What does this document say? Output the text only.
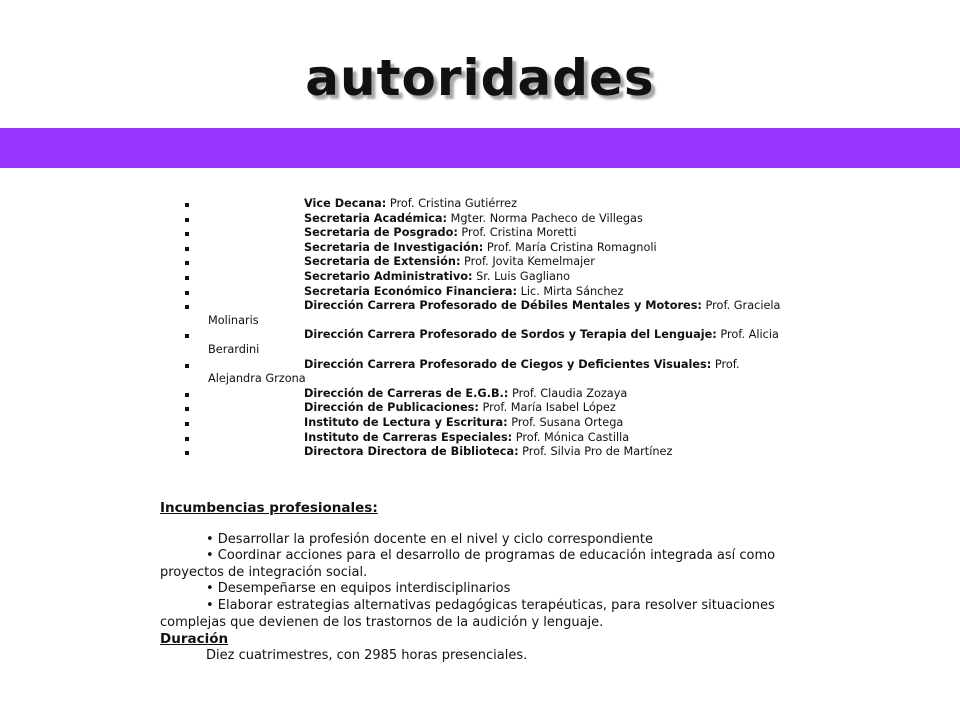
autoridades
Vice Decana: Prof. Cristina Gutiérrez
Secretaria Académica: Mgter. Norma Pacheco de Villegas
Secretaria de Posgrado: Prof. Cristina Moretti
Secretaria de Investigación: Prof. María Cristina Romagnoli
Secretaria de Extensión: Prof. Jovita Kemelmajer
Secretario Administrativo: Sr. Luis Gagliano
Secretaria Económico Financiera: Lic. Mirta Sánchez
Dirección Carrera Profesorado de Débiles Mentales y Motores: Prof. Graciela Molinaris
Dirección Carrera Profesorado de Sordos y Terapia del Lenguaje: Prof. Alicia Berardini
Dirección Carrera Profesorado de Ciegos y Deficientes Visuales: Prof. Alejandra Grzona
Dirección de Carreras de E.G.B.: Prof. Claudia Zozaya
Dirección de Publicaciones: Prof. María Isabel López
Instituto de Lectura y Escritura: Prof. Susana Ortega
Instituto de Carreras Especiales: Prof. Mónica Castilla
Directora Directora de Biblioteca: Prof. Silvia Pro de Martínez
Incumbencias profesionales:
• Desarrollar la profesión docente en el nivel y ciclo correspondiente
• Coordinar acciones para el desarrollo de programas de educación integrada así como proyectos de integración social.
• Desempeñarse en equipos interdisciplinarios
• Elaborar estrategias alternativas pedagógicas terapéuticas, para resolver situaciones complejas que devienen de los trastornos de la audición y lenguaje.
Duración
Diez cuatrimestres, con 2985 horas presenciales.
